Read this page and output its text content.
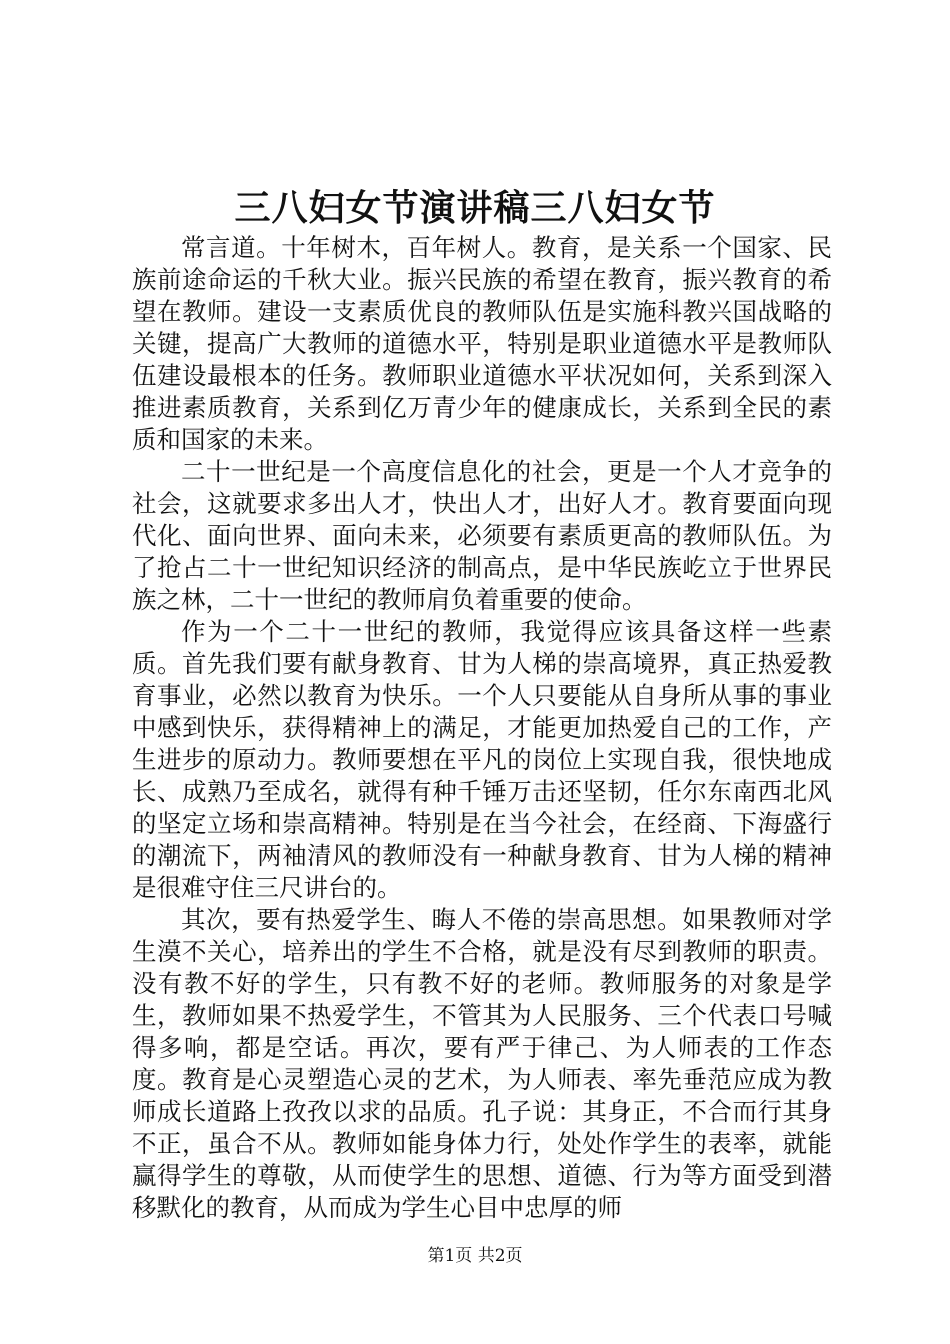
三八妇女节演讲稿三八妇女节

常言道。十年树木，百年树人。教育，是关系一个国家、民族前途命运的千秋大业。振兴民族的希望在教育，振兴教育的希望在教师。建设一支素质优良的教师队伍是实施科教兴国战略的关键，提高广大教师的道德水平，特别是职业道德水平是教师队伍建设最根本的任务。教师职业道德水平状况如何，关系到深入推进素质教育，关系到亿万青少年的健康成长，关系到全民的素质和国家的未来。

二十一世纪是一个高度信息化的社会，更是一个人才竞争的社会，这就要求多出人才，快出人才，出好人才。教育要面向现代化、面向世界、面向未来，必须要有素质更高的教师队伍。为了抢占二十一世纪知识经济的制高点，是中华民族屹立于世界民族之林，二十一世纪的教师肩负着重要的使命。

作为一个二十一世纪的教师，我觉得应该具备这样一些素质。首先我们要有献身教育、甘为人梯的崇高境界，真正热爱教育事业，必然以教育为快乐。一个人只要能从自身所从事的事业中感到快乐，获得精神上的满足，才能更加热爱自己的工作，产生进步的原动力。教师要想在平凡的岗位上实现自我，很快地成长、成熟乃至成名，就得有种千锤万击还坚韧，任尔东南西北风的坚定立场和崇高精神。特别是在当今社会，在经商、下海盛行的潮流下，两袖清风的教师没有一种献身教育、甘为人梯的精神是很难守住三尺讲台的。

其次，要有热爱学生、晦人不倦的崇高思想。如果教师对学生漠不关心，培养出的学生不合格，就是没有尽到教师的职责。没有教不好的学生，只有教不好的老师。教师服务的对象是学生，教师如果不热爱学生，不管其为人民服务、三个代表口号喊得多响，都是空话。再次，要有严于律己、为人师表的工作态度。教育是心灵塑造心灵的艺术，为人师表、率先垂范应成为教师成长道路上孜孜以求的品质。孔子说：其身正，不合而行其身不正，虽合不从。教师如能身体力行，处处作学生的表率，就能赢得学生的尊敬，从而使学生的思想、道德、行为等方面受到潜移默化的教育，从而成为学生心目中忠厚的师

第1页 共2页
